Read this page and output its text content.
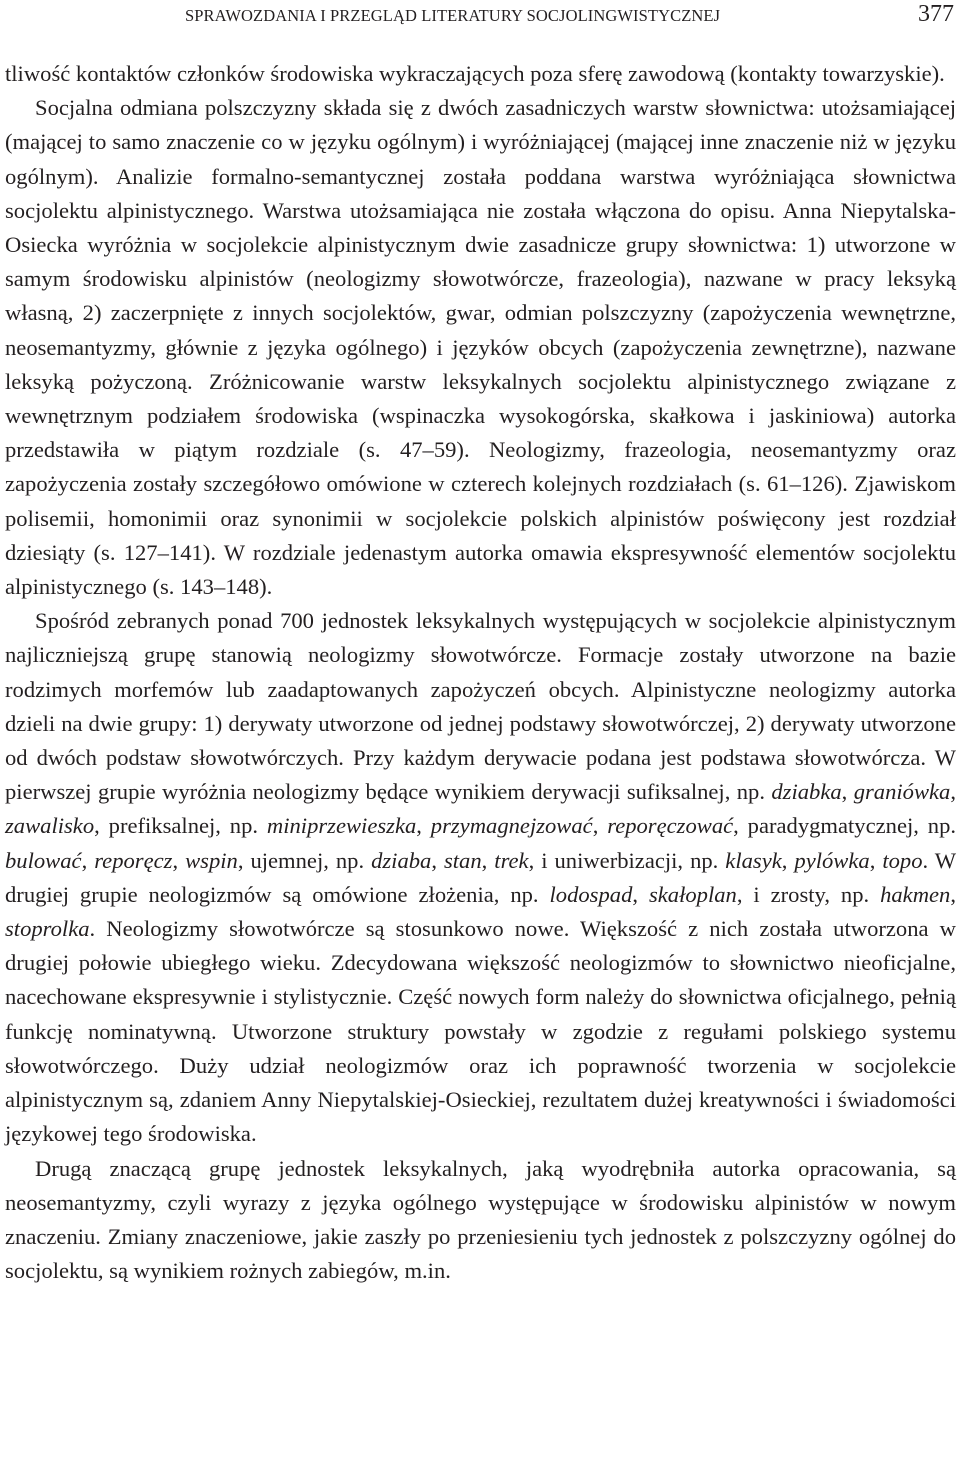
SPRAWOZDANIA I PRZEGLĄD LITERATURY SOCJOLINGWISTYCZNEJ	377

tliwość kontaktów członków środowiska wykraczających poza sferę zawodową (kontakty towarzyskie).

Socjalna odmiana polszczyzny składa się z dwóch zasadniczych warstw słownictwa: utożsamiającej (mającej to samo znaczenie co w języku ogólnym) i wyróżniającej (mającej inne znaczenie niż w języku ogólnym). Analizie formalno-semantycznej została poddana warstwa wyróżniająca słownictwa socjolektu alpinistycznego. Warstwa utożsamiająca nie została włączona do opisu. Anna Niepytalska-Osiecka wyróżnia w socjolekcie alpinistycznym dwie zasadnicze grupy słownictwa: 1) utworzone w samym środowisku alpinistów (neologizmy słowotwórcze, frazeologia), nazwane w pracy leksyką własną, 2) zaczerpnięte z innych socjolektów, gwar, odmian polszczyzny (zapożyczenia wewnętrzne, neosemantyzmy, głównie z języka ogólnego) i języków obcych (zapożyczenia zewnętrzne), nazwane leksyką pożyczoną. Zróżnicowanie warstw leksykalnych socjolektu alpinistycznego związane z wewnętrznym podziałem środowiska (wspinaczka wysokogórska, skałkowa i jaskiniowa) autorka przedstawiła w piątym rozdziale (s. 47–59). Neologizmy, frazeologia, neosemantyzmy oraz zapożyczenia zostały szczegółowo omówione w czterech kolejnych rozdziałach (s. 61–126). Zjawiskom polisemii, homonimii oraz synonimii w socjolekcie polskich alpinistów poświęcony jest rozdział dziesiąty (s. 127–141). W rozdziale jedenastym autorka omawia ekspresywność elementów socjolektu alpinistycznego (s. 143–148).

Spośród zebranych ponad 700 jednostek leksykalnych występujących w socjolekcie alpinistycznym najliczniejszą grupę stanowią neologizmy słowotwórcze. Formacje zostały utworzone na bazie rodzimych morfemów lub zaadaptowanych zapożyczeń obcych. Alpinistyczne neologizmy autorka dzieli na dwie grupy: 1) derywaty utworzone od jednej podstawy słowotwórczej, 2) derywaty utworzone od dwóch podstaw słowotwórczych. Przy każdym derywacie podana jest podstawa słowotwórcza. W pierwszej grupie wyróżnia neologizmy będące wynikiem derywacji sufiksalnej, np. dziabka, graniówka, zawalisko, prefiksalnej, np. miniprzewieszka, przymagnejzować, reporęczować, paradygmatycznej, np. bulować, reporęcz, wspin, ujemnej, np. dziaba, stan, trek, i uniwerbizacji, np. klasyk, pylówka, topo. W drugiej grupie neologizmów są omówione złożenia, np. lodospad, skałoplan, i zrosty, np. hakmen, stoprolka. Neologizmy słowotwórcze są stosunkowo nowe. Większość z nich została utworzona w drugiej połowie ubiegłego wieku. Zdecydowana większość neologizmów to słownictwo nieoficjalne, nacechowane ekspresywnie i stylistycznie. Część nowych form należy do słownictwa oficjalnego, pełnią funkcję nominatywną. Utworzone struktury powstały w zgodzie z regułami polskiego systemu słowotwórczego. Duży udział neologizmów oraz ich poprawność tworzenia w socjolekcie alpinistycznym są, zdaniem Anny Niepytalskiej-Osieckiej, rezultatem dużej kreatywności i świadomości językowej tego środowiska.

Drugą znaczącą grupę jednostek leksykalnych, jaką wyodrębniła autorka opracowania, są neosemantyzmy, czyli wyrazy z języka ogólnego występujące w środowisku alpinistów w nowym znaczeniu. Zmiany znaczeniowe, jakie zaszły po przeniesieniu tych jednostek z polszczyzny ogólnej do socjolektu, są wynikiem rożnych zabiegów, m.in.
